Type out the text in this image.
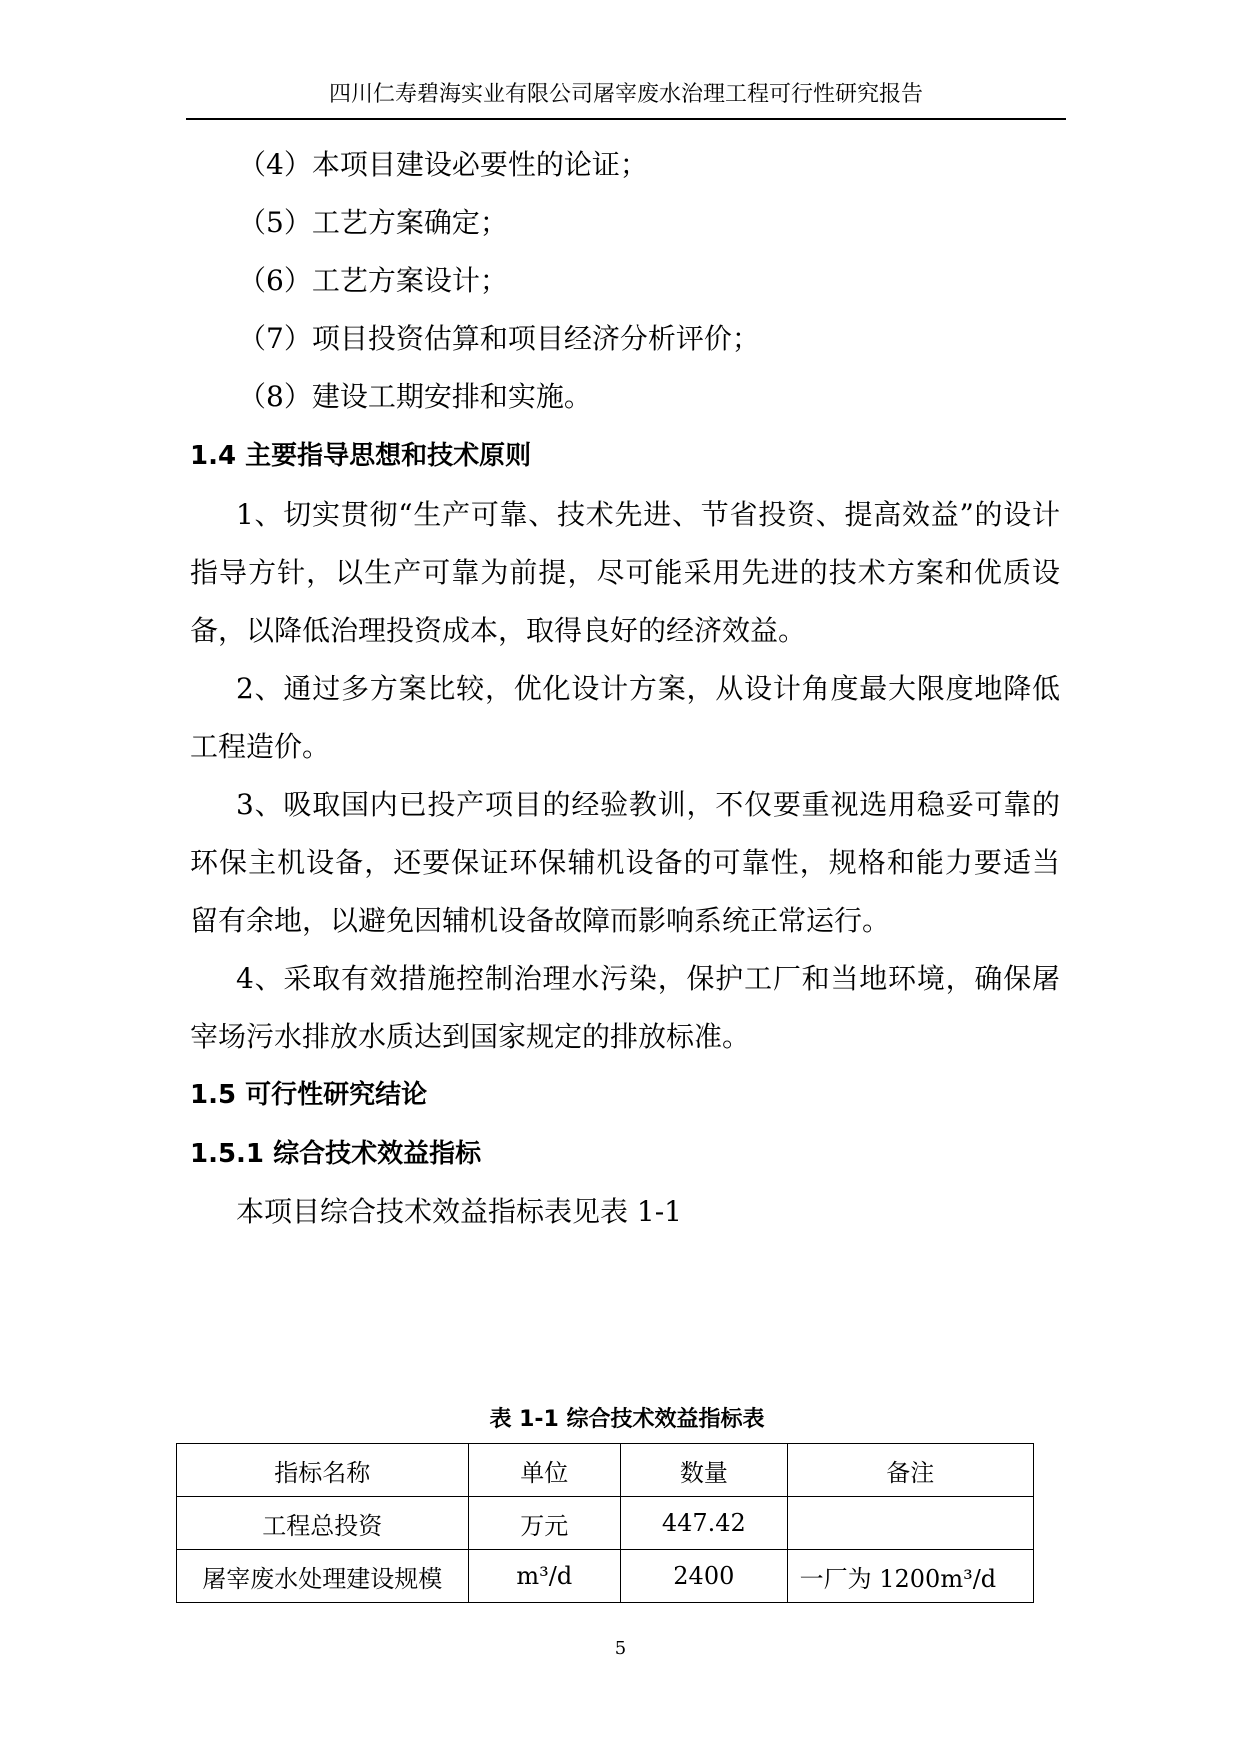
四川仁寿碧海实业有限公司屠宰废水治理工程可行性研究报告
（4）本项目建设必要性的论证；
（5）工艺方案确定；
（6）工艺方案设计；
（7）项目投资估算和项目经济分析评价；
（8）建设工期安排和实施。
1.4 主要指导思想和技术原则
1、切实贯彻“生产可靠、技术先进、节省投资、提高效益”的设计
指导方针，以生产可靠为前提，尽可能采用先进的技术方案和优质设
备，以降低治理投资成本，取得良好的经济效益。
2、通过多方案比较，优化设计方案，从设计角度最大限度地降低
工程造价。
3、吸取国内已投产项目的经验教训，不仅要重视选用稳妥可靠的
环保主机设备，还要保证环保辅机设备的可靠性，规格和能力要适当
留有余地，以避免因辅机设备故障而影响系统正常运行。
4、采取有效措施控制治理水污染，保护工厂和当地环境，确保屠
宰场污水排放水质达到国家规定的排放标准。
1.5 可行性研究结论
1.5.1 综合技术效益指标
本项目综合技术效益指标表见表 1-1
表 1-1 综合技术效益指标表
指标名称	单位	数量	备注
工程总投资	万元	447.42	
屠宰废水处理建设规模	m³/d	2400	一厂为 1200m³/d
5
